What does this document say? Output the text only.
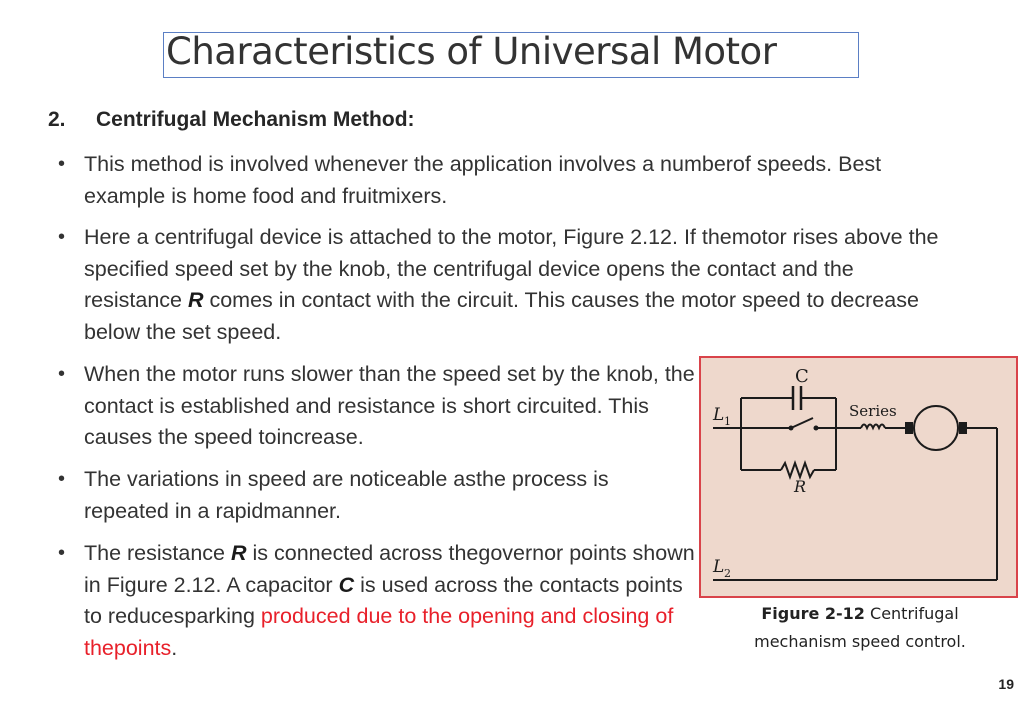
Characteristics of Universal Motor
2. Centrifugal Mechanism Method:
• This method is involved whenever the application involves a numberof speeds. Best example is home food and fruitmixers.
• Here a centrifugal device is attached to the motor, Figure 2.12. If themotor rises above the specified speed set by the knob, the centrifugal device opens the contact and the resistance R comes in contact with the circuit. This causes the motor speed to decrease below the set speed.
• When the motor runs slower than the speed set by the knob, the contact is established and resistance is short circuited. This causes the speed toincrease.
• The variations in speed are noticeable asthe process is repeated in a rapidmanner.
• The resistance R is connected across thegovernor points shown in Figure 2.12. A capacitor C is used across the contacts points to reducesparking produced due to the opening and closing of thepoints.
C
Series
L 1
R
L 2
Figure 2-12 Centrifugal mechanism speed control.
19
